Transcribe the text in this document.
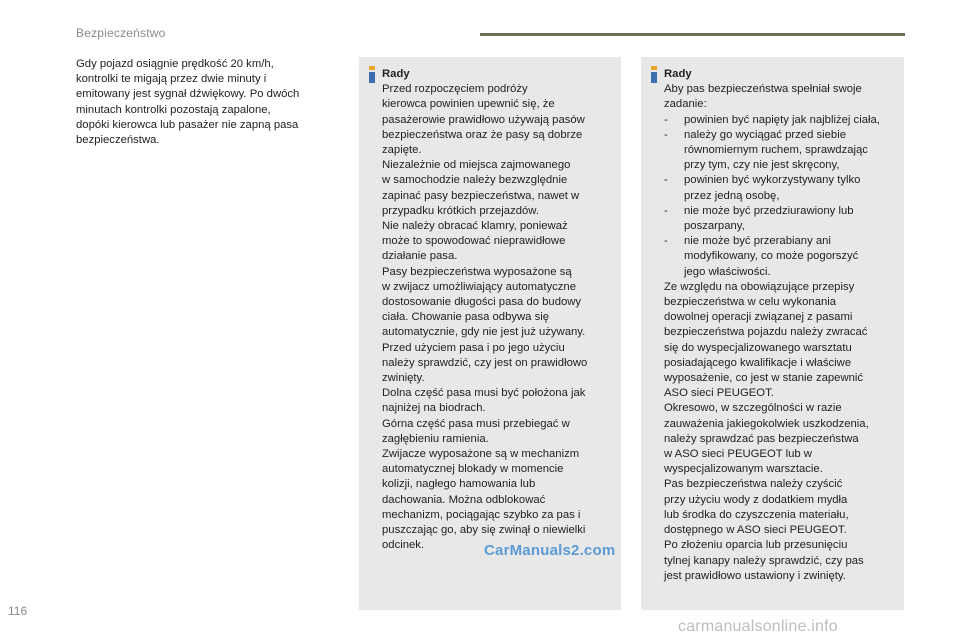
Bezpieczeństwo
Gdy pojazd osiągnie prędkość 20 km/h,
kontrolki te migają przez dwie minuty i
emitowany jest sygnał dźwiękowy. Po dwóch
minutach kontrolki pozostają zapalone,
dopóki kierowca lub pasażer nie zapną pasa
bezpieczeństwa.
Rady
Przed rozpoczęciem podróży
kierowca powinien upewnić się, że
pasażerowie prawidłowo używają pasów
bezpieczeństwa oraz że pasy są dobrze
zapięte.
Niezależnie od miejsca zajmowanego
w samochodzie należy bezwzględnie
zapinać pasy bezpieczeństwa, nawet w
przypadku krótkich przejazdów.
Nie należy obracać klamry, ponieważ
może to spowodować nieprawidłowe
działanie pasa.
Pasy bezpieczeństwa wyposażone są
w zwijacz umożliwiający automatyczne
dostosowanie długości pasa do budowy
ciała. Chowanie pasa odbywa się
automatycznie, gdy nie jest już używany.
Przed użyciem pasa i po jego użyciu
należy sprawdzić, czy jest on prawidłowo
zwinięty.
Dolna część pasa musi być położona jak
najniżej na biodrach.
Górna część pasa musi przebiegać w
zagłębieniu ramienia.
Zwijacze wyposażone są w mechanizm
automatycznej blokady w momencie
kolizji, nagłego hamowania lub
dachowania. Można odblokować
mechanizm, pociągając szybko za pas i
puszczając go, aby się zwinął o niewielki
odcinek.
Rady
Aby pas bezpieczeństwa spełniał swoje
zadanie:
-	powinien być napięty jak najbliżej ciała,
-	należy go wyciągać przed siebie
równomiernym ruchem, sprawdzając
przy tym, czy nie jest skręcony,
-	powinien być wykorzystywany tylko
przez jedną osobę,
-	nie może być przedziurawiony lub
poszarpany,
-	nie może być przerabiany ani
modyfikowany, co może pogorszyć
jego właściwości.
Ze względu na obowiązujące przepisy
bezpieczeństwa w celu wykonania
dowolnej operacji związanej z pasami
bezpieczeństwa pojazdu należy zwracać
się do wyspecjalizowanego warsztatu
posiadającego kwalifikacje i właściwe
wyposażenie, co jest w stanie zapewnić
ASO sieci PEUGEOT.
Okresowo, w szczególności w razie
zauważenia jakiegokolwiek uszkodzenia,
należy sprawdzać pas bezpieczeństwa
w ASO sieci PEUGEOT lub w
wyspecjalizowanym warsztacie.
Pas bezpieczeństwa należy czyścić
przy użyciu wody z dodatkiem mydła
lub środka do czyszczenia materiału,
dostępnego w ASO sieci PEUGEOT.
Po złożeniu oparcia lub przesunięciu
tylnej kanapy należy sprawdzić, czy pas
jest prawidłowo ustawiony i zwinięty.
CarManuals2.com
116
carmanualsonline.info
